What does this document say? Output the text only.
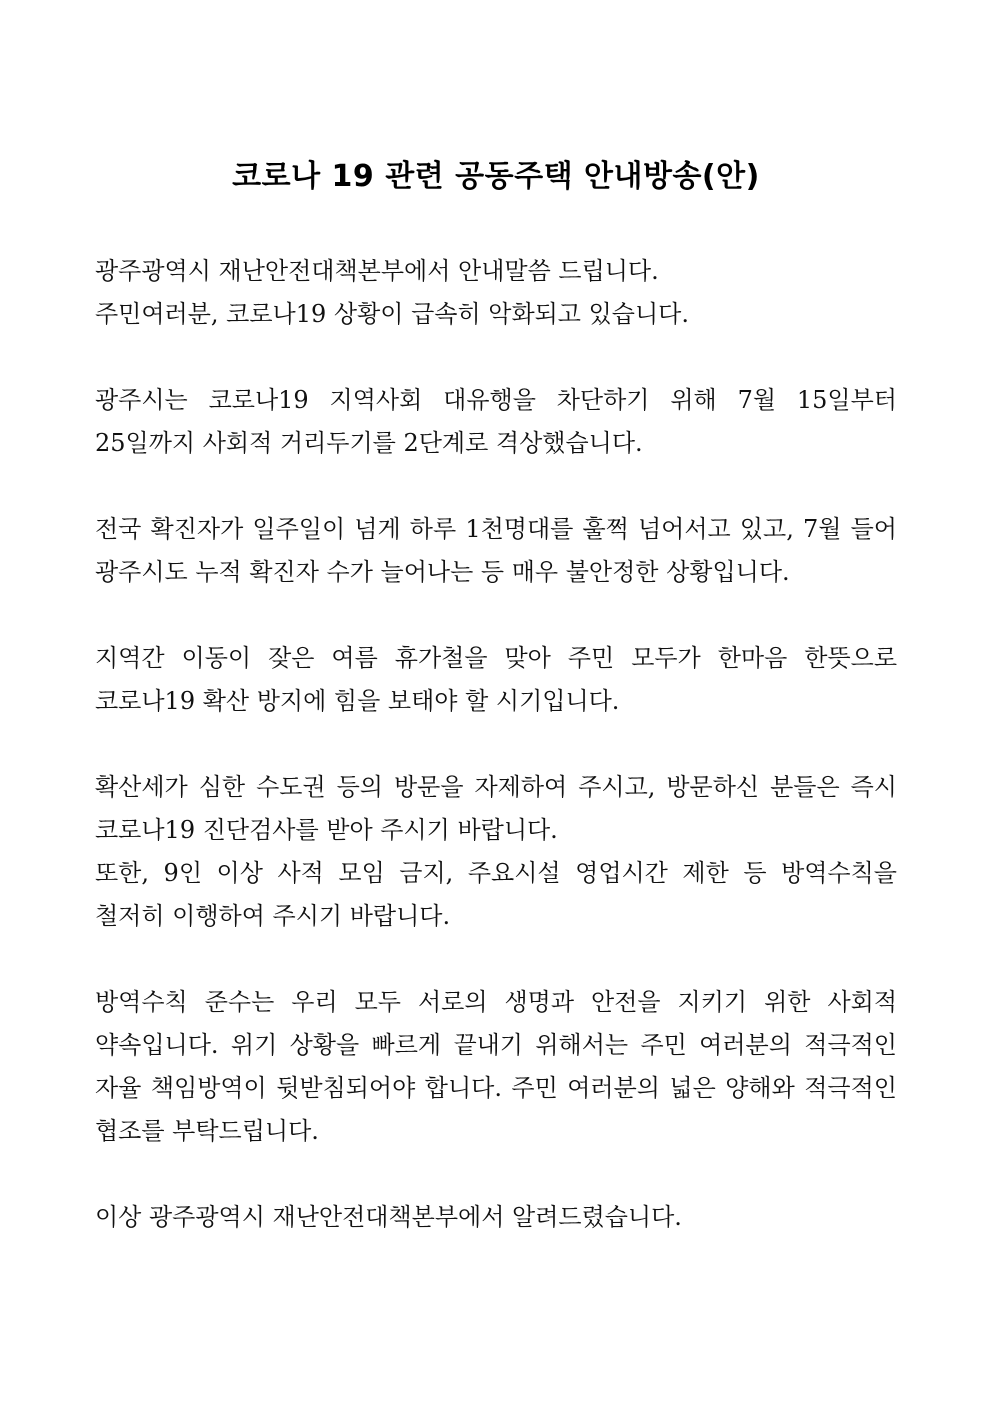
코로나 19 관련 공동주택 안내방송(안)
광주광역시 재난안전대책본부에서 안내말씀 드립니다.
주민여러분, 코로나19 상황이 급속히 악화되고 있습니다.

광주시는 코로나19 지역사회 대유행을 차단하기 위해 7월 15일부터 25일까지 사회적 거리두기를 2단계로 격상했습니다.

전국 확진자가 일주일이 넘게 하루 1천명대를 훌쩍 넘어서고 있고, 7월 들어 광주시도 누적 확진자 수가 늘어나는 등 매우 불안정한 상황입니다.

지역간 이동이 잦은 여름 휴가철을 맞아 주민 모두가 한마음 한뜻으로 코로나19 확산 방지에 힘을 보태야 할 시기입니다.

확산세가 심한 수도권 등의 방문을 자제하여 주시고, 방문하신 분들은 즉시 코로나19 진단검사를 받아 주시기 바랍니다.

또한, 9인 이상 사적 모임 금지, 주요시설 영업시간 제한 등 방역수칙을 철저히 이행하여 주시기 바랍니다.

방역수칙 준수는 우리 모두 서로의 생명과 안전을 지키기 위한 사회적 약속입니다. 위기 상황을 빠르게 끝내기 위해서는 주민 여러분의 적극적인 자율 책임방역이 뒷받침되어야 합니다. 주민 여러분의 넓은 양해와 적극적인 협조를 부탁드립니다.

이상 광주광역시 재난안전대책본부에서 알려드렸습니다.
